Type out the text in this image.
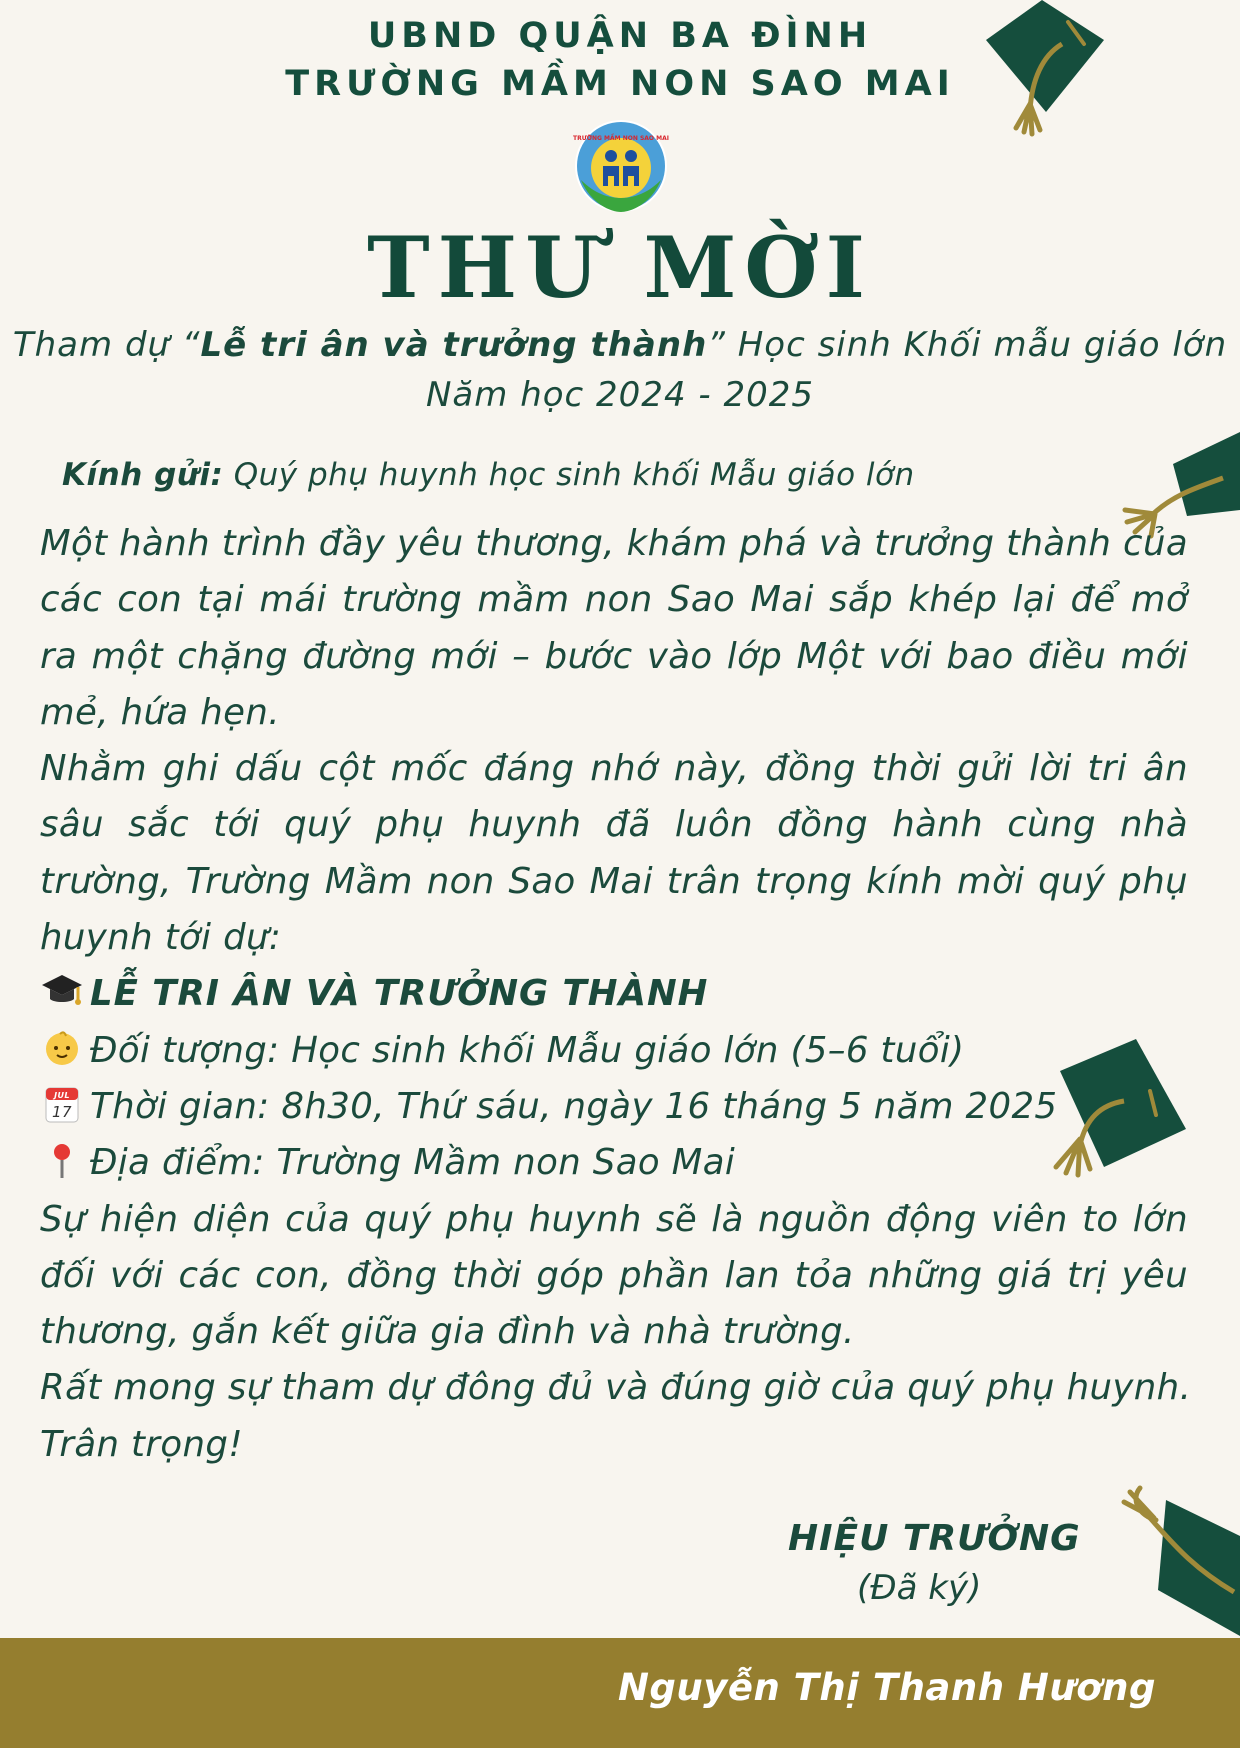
UBND QUẬN BA ĐÌNH
TRƯỜNG MẦM NON SAO MAI
TRƯỜNG MẦM NON SAO MAI
THƯ MỜI
Tham dự “Lễ tri ân và trưởng thành” Học sinh Khối mẫu giáo lớn
Năm học 2024 - 2025
Kính gửi: Quý phụ huynh học sinh khối Mẫu giáo lớn

Một hành trình đầy yêu thương, khám phá và trưởng thành của các con tại mái trường mầm non Sao Mai sắp khép lại để mở ra một chặng đường mới – bước vào lớp Một với bao điều mới mẻ, hứa hẹn.

Nhằm ghi dấu cột mốc đáng nhớ này, đồng thời gửi lời tri ân sâu sắc tới quý phụ huynh đã luôn đồng hành cùng nhà trường, Trường Mầm non Sao Mai trân trọng kính mời quý phụ huynh tới dự:

LỄ TRI ÂN VÀ TRƯỞNG THÀNH

Đối tượng: Học sinh khối Mẫu giáo lớn (5–6 tuổi)

JUL
17 Thời gian: 8h30, Thứ sáu, ngày 16 tháng 5 năm 2025

Địa điểm: Trường Mầm non Sao Mai

Sự hiện diện của quý phụ huynh sẽ là nguồn động viên to lớn đối với các con, đồng thời góp phần lan tỏa những giá trị yêu thương, gắn kết giữa gia đình và nhà trường.

Rất mong sự tham dự đông đủ và đúng giờ của quý phụ huynh.

Trân trọng!

HIỆU TRƯỞNG
(Đã ký)
Nguyễn Thị Thanh Hương
